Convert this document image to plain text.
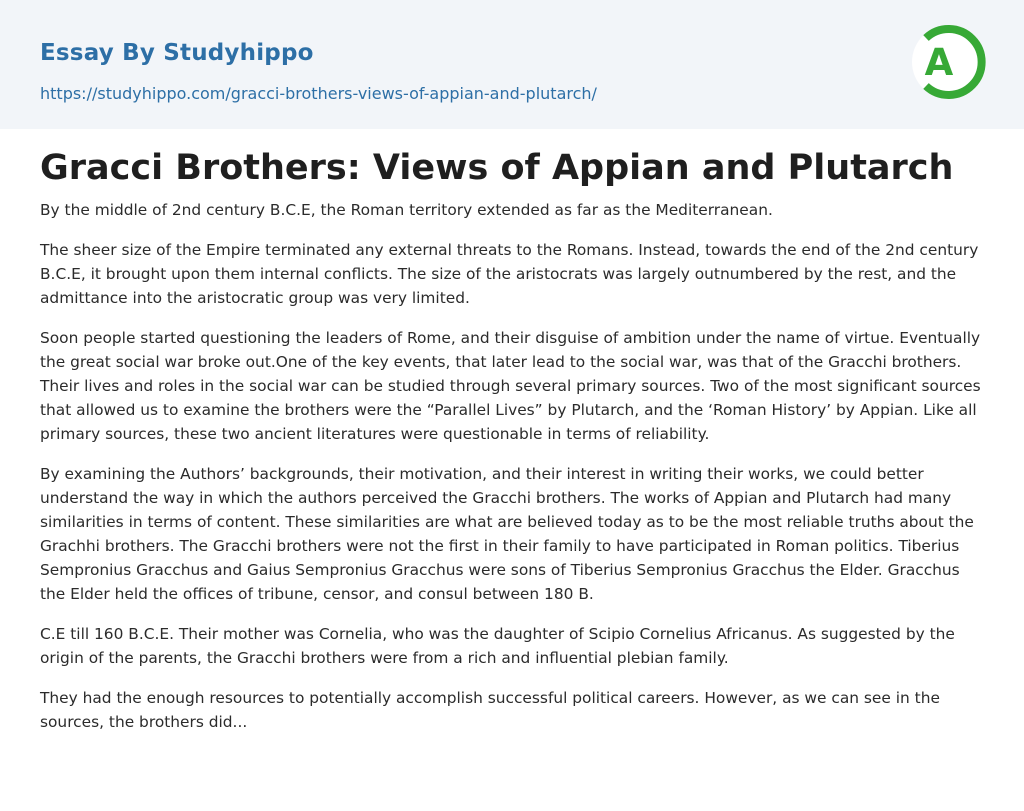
Essay By Studyhippo
https://studyhippo.com/gracci-brothers-views-of-appian-and-plutarch/
A
Gracci Brothers: Views of Appian and Plutarch

By the middle of 2nd century B.C.E, the Roman territory extended as far as the Mediterranean.

The sheer size of the Empire terminated any external threats to the Romans. Instead, towards the end of the 2nd century B.C.E, it brought upon them internal conflicts. The size of the aristocrats was largely outnumbered by the rest, and the admittance into the aristocratic group was very limited.

Soon people started questioning the leaders of Rome, and their disguise of ambition under the name of virtue. Eventually the great social war broke out.One of the key events, that later lead to the social war, was that of the Gracchi brothers. Their lives and roles in the social war can be studied through several primary sources. Two of the most significant sources that allowed us to examine the brothers were the “Parallel Lives” by Plutarch, and the ‘Roman History’ by Appian. Like all primary sources, these two ancient literatures were questionable in terms of reliability.

By examining the Authors’ backgrounds, their motivation, and their interest in writing their works, we could better understand the way in which the authors perceived the Gracchi brothers. The works of Appian and Plutarch had many similarities in terms of content. These similarities are what are believed today as to be the most reliable truths about the Grachhi brothers. The Gracchi brothers were not the first in their family to have participated in Roman politics. Tiberius Sempronius Gracchus and Gaius Sempronius Gracchus were sons of Tiberius Sempronius Gracchus the Elder. Gracchus the Elder held the offices of tribune, censor, and consul between 180 B.

C.E till 160 B.C.E. Their mother was Cornelia, who was the daughter of Scipio Cornelius Africanus. As suggested by the origin of the parents, the Gracchi brothers were from a rich and influential plebian family.

They had the enough resources to potentially accomplish successful political careers. However, as we can see in the sources, the brothers did...
